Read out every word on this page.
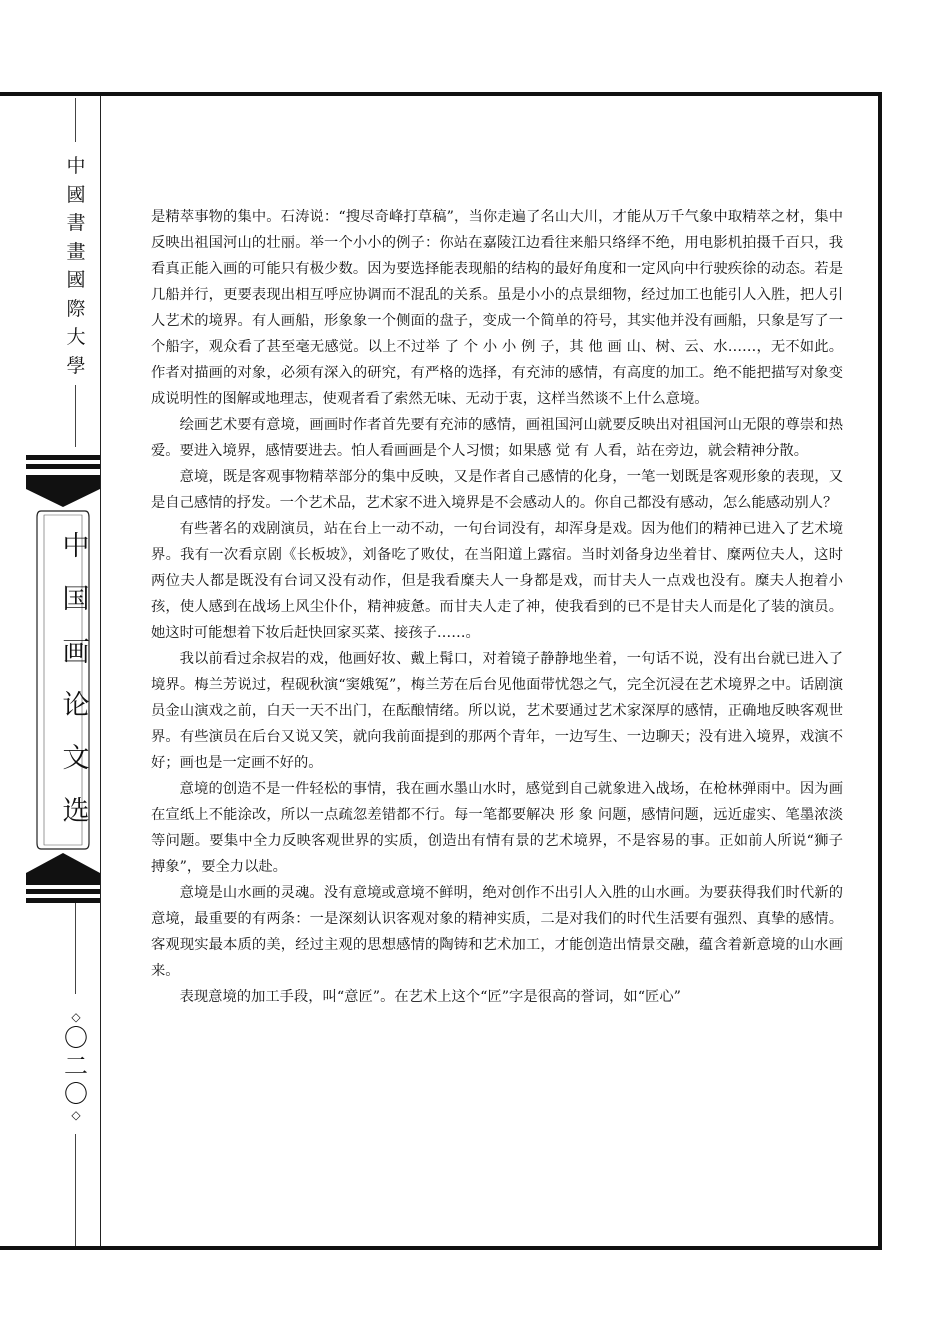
中
國
書
畫
國
際
大
學
中
国
画
论
文
选
◇
〇
二
〇
◇

是精萃事物的集中。石涛说：“搜尽奇峰打草稿”，当你走遍了名山大川，才能从万千气象中取精萃之材，集中反映出祖国河山的壮丽。举一个小小的例子：你站在嘉陵江边看往来船只络绎不绝，用电影机拍摄千百只，我看真正能入画的可能只有极少数。因为要选择能表现船的结构的最好角度和一定风向中行驶疾徐的动态。若是几船并行，更要表现出相互呼应协调而不混乱的关系。虽是小小的点景细物，经过加工也能引人入胜，把人引人艺术的境界。有人画船，形象象一个侧面的盘子，变成一个简单的符号，其实他并没有画船，只象是写了一个船字，观众看了甚至毫无感觉。以上不过举 了 个 小 小 例 子，其 他 画 山、树、云、水……，无不如此。作者对描画的对象，必须有深入的研究，有严格的选择，有充沛的感情，有高度的加工。绝不能把描写对象变成说明性的图解或地理志，使观者看了索然无味、无动于衷，这样当然谈不上什么意境。

绘画艺术要有意境，画画时作者首先要有充沛的感情，画祖国河山就要反映出对祖国河山无限的尊崇和热爱。要进入境界，感情要进去。怕人看画画是个人习惯；如果感 觉 有 人看，站在旁边，就会精神分散。

意境，既是客观事物精萃部分的集中反映，又是作者自己感情的化身，一笔一划既是客观形象的表现，又是自己感情的抒发。一个艺术品，艺术家不进入境界是不会感动人的。你自己都没有感动，怎么能感动别人？

有些著名的戏剧演员，站在台上一动不动，一句台词没有，却浑身是戏。因为他们的精神已进入了艺术境界。我有一次看京剧《长板坡》，刘备吃了败仗，在当阳道上露宿。当时刘备身边坐着甘、糜两位夫人，这时两位夫人都是既没有台词又没有动作，但是我看糜夫人一身都是戏，而甘夫人一点戏也没有。糜夫人抱着小孩，使人感到在战场上风尘仆仆，精神疲惫。而甘夫人走了神，使我看到的已不是甘夫人而是化了装的演员。她这时可能想着下妆后赶快回家买菜、接孩子……。

我以前看过余叔岩的戏，他画好妆、戴上髯口，对着镜子静静地坐着，一句话不说，没有出台就已进入了境界。梅兰芳说过，程砚秋演“窦娥冤”，梅兰芳在后台见他面带忧怨之气，完全沉浸在艺术境界之中。话剧演员金山演戏之前，白天一天不出门，在酝酿情绪。所以说，艺术要通过艺术家深厚的感情，正确地反映客观世界。有些演员在后台又说又笑，就向我前面提到的那两个青年，一边写生、一边聊天；没有进入境界，戏演不好；画也是一定画不好的。

意境的创造不是一件轻松的事情，我在画水墨山水时，感觉到自己就象进入战场，在枪林弹雨中。因为画在宣纸上不能涂改，所以一点疏忽差错都不行。每一笔都要解决 形 象 问题，感情问题，远近虚实、笔墨浓淡等问题。要集中全力反映客观世界的实质，创造出有情有景的艺术境界，不是容易的事。正如前人所说“狮子搏象”，要全力以赴。

意境是山水画的灵魂。没有意境或意境不鲜明，绝对创作不出引人入胜的山水画。为要获得我们时代新的意境，最重要的有两条：一是深刻认识客观对象的精神实质，二是对我们的时代生活要有强烈、真挚的感情。客观现实最本质的美，经过主观的思想感情的陶铸和艺术加工，才能创造出情景交融，蕴含着新意境的山水画来。

表现意境的加工手段，叫“意匠”。在艺术上这个“匠”字是很高的誉词，如“匠心”
